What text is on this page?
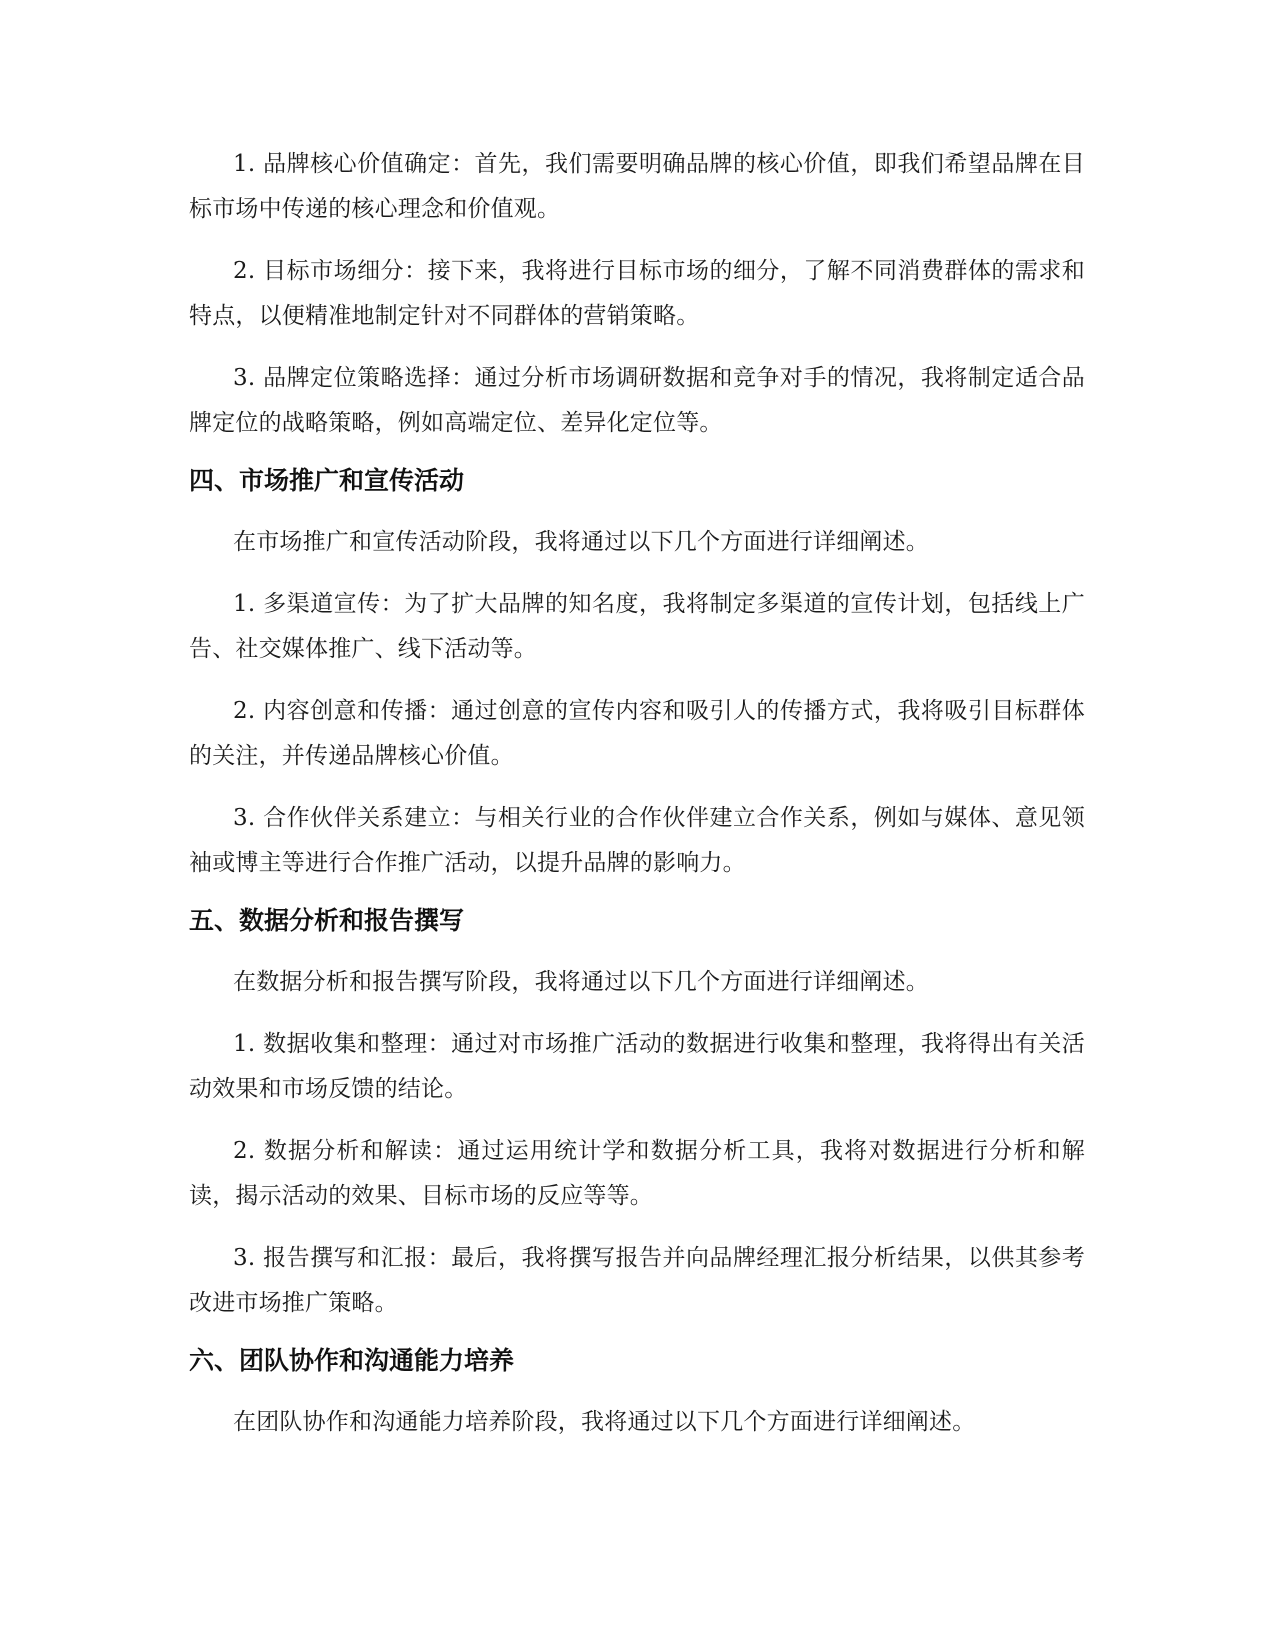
1. 品牌核心价值确定：首先，我们需要明确品牌的核心价值，即我们希望品牌在目标市场中传递的核心理念和价值观。

2. 目标市场细分：接下来，我将进行目标市场的细分，了解不同消费群体的需求和特点，以便精准地制定针对不同群体的营销策略。

3. 品牌定位策略选择：通过分析市场调研数据和竞争对手的情况，我将制定适合品牌定位的战略策略，例如高端定位、差异化定位等。

四、市场推广和宣传活动

在市场推广和宣传活动阶段，我将通过以下几个方面进行详细阐述。

1. 多渠道宣传：为了扩大品牌的知名度，我将制定多渠道的宣传计划，包括线上广告、社交媒体推广、线下活动等。

2. 内容创意和传播：通过创意的宣传内容和吸引人的传播方式，我将吸引目标群体的关注，并传递品牌核心价值。

3. 合作伙伴关系建立：与相关行业的合作伙伴建立合作关系，例如与媒体、意见领袖或博主等进行合作推广活动，以提升品牌的影响力。

五、数据分析和报告撰写

在数据分析和报告撰写阶段，我将通过以下几个方面进行详细阐述。

1. 数据收集和整理：通过对市场推广活动的数据进行收集和整理，我将得出有关活动效果和市场反馈的结论。

2. 数据分析和解读：通过运用统计学和数据分析工具，我将对数据进行分析和解读，揭示活动的效果、目标市场的反应等等。

3. 报告撰写和汇报：最后，我将撰写报告并向品牌经理汇报分析结果，以供其参考改进市场推广策略。

六、团队协作和沟通能力培养

在团队协作和沟通能力培养阶段，我将通过以下几个方面进行详细阐述。
